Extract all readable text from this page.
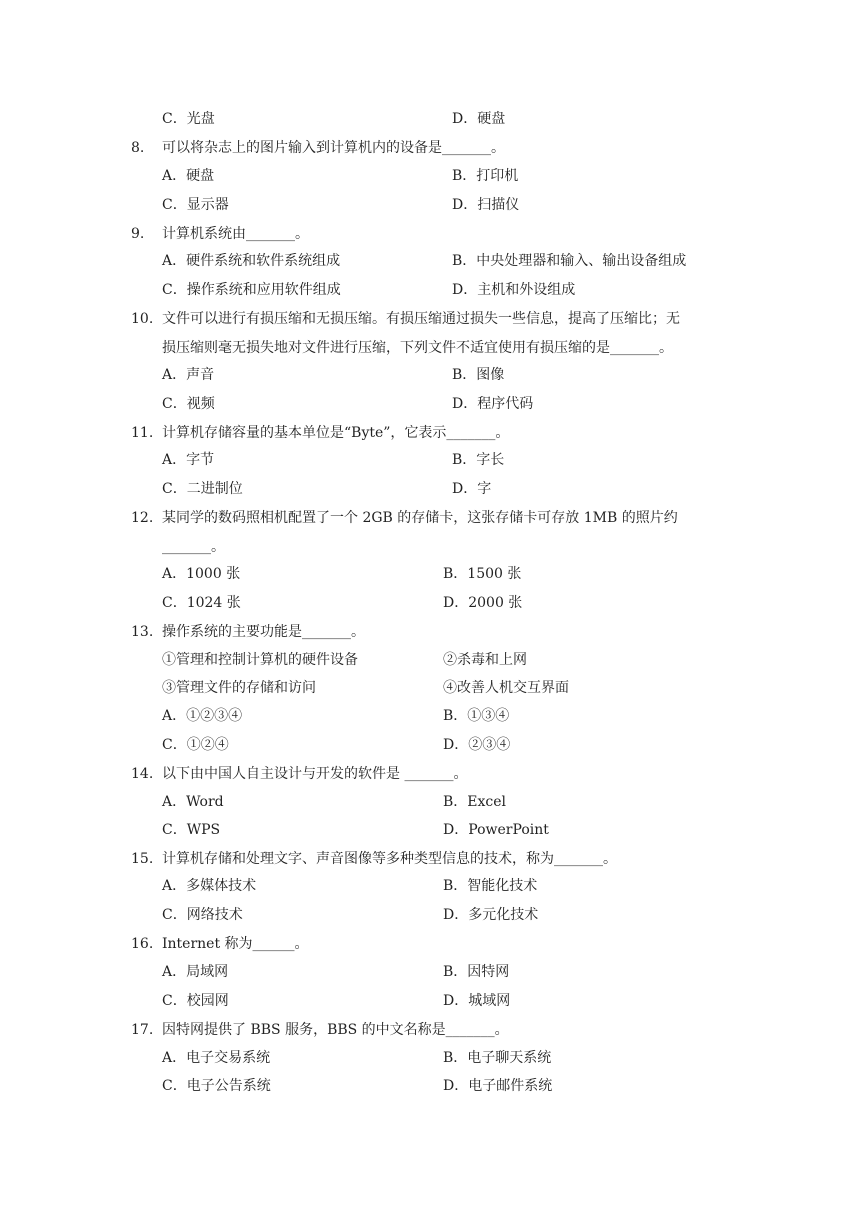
C．光盘	D．硬盘
8. 可以将杂志上的图片输入到计算机内的设备是_______。
A．硬盘	B．打印机
C．显示器	D．扫描仪
9. 计算机系统由_______。
A．硬件系统和软件系统组成	B．中央处理器和输入、输出设备组成
C．操作系统和应用软件组成	D．主机和外设组成
10. 文件可以进行有损压缩和无损压缩。有损压缩通过损失一些信息，提高了压缩比；无
损压缩则毫无损失地对文件进行压缩，下列文件不适宜使用有损压缩的是_______。
A．声音	B．图像
C．视频	D．程序代码
11. 计算机存储容量的基本单位是“Byte”，它表示_______。
A．字节	B．字长
C．二进制位	D．字
12. 某同学的数码照相机配置了一个 2GB 的存储卡，这张存储卡可存放 1MB 的照片约
_______。
A．1000 张	B．1500 张
C．1024 张	D．2000 张
13. 操作系统的主要功能是_______。
①管理和控制计算机的硬件设备	②杀毒和上网
③管理文件的存储和访问	④改善人机交互界面
A．①②③④	B．①③④
C．①②④	D．②③④
14. 以下由中国人自主设计与开发的软件是 _______。
A．Word	B．Excel
C．WPS	D．PowerPoint
15. 计算机存储和处理文字、声音图像等多种类型信息的技术，称为_______。
A．多媒体技术	B．智能化技术
C．网络技术	D．多元化技术
16. Internet 称为______。
A．局域网	B．因特网
C．校园网	D．城域网
17. 因特网提供了 BBS 服务，BBS 的中文名称是_______。
A．电子交易系统	B．电子聊天系统
C．电子公告系统	D．电子邮件系统
